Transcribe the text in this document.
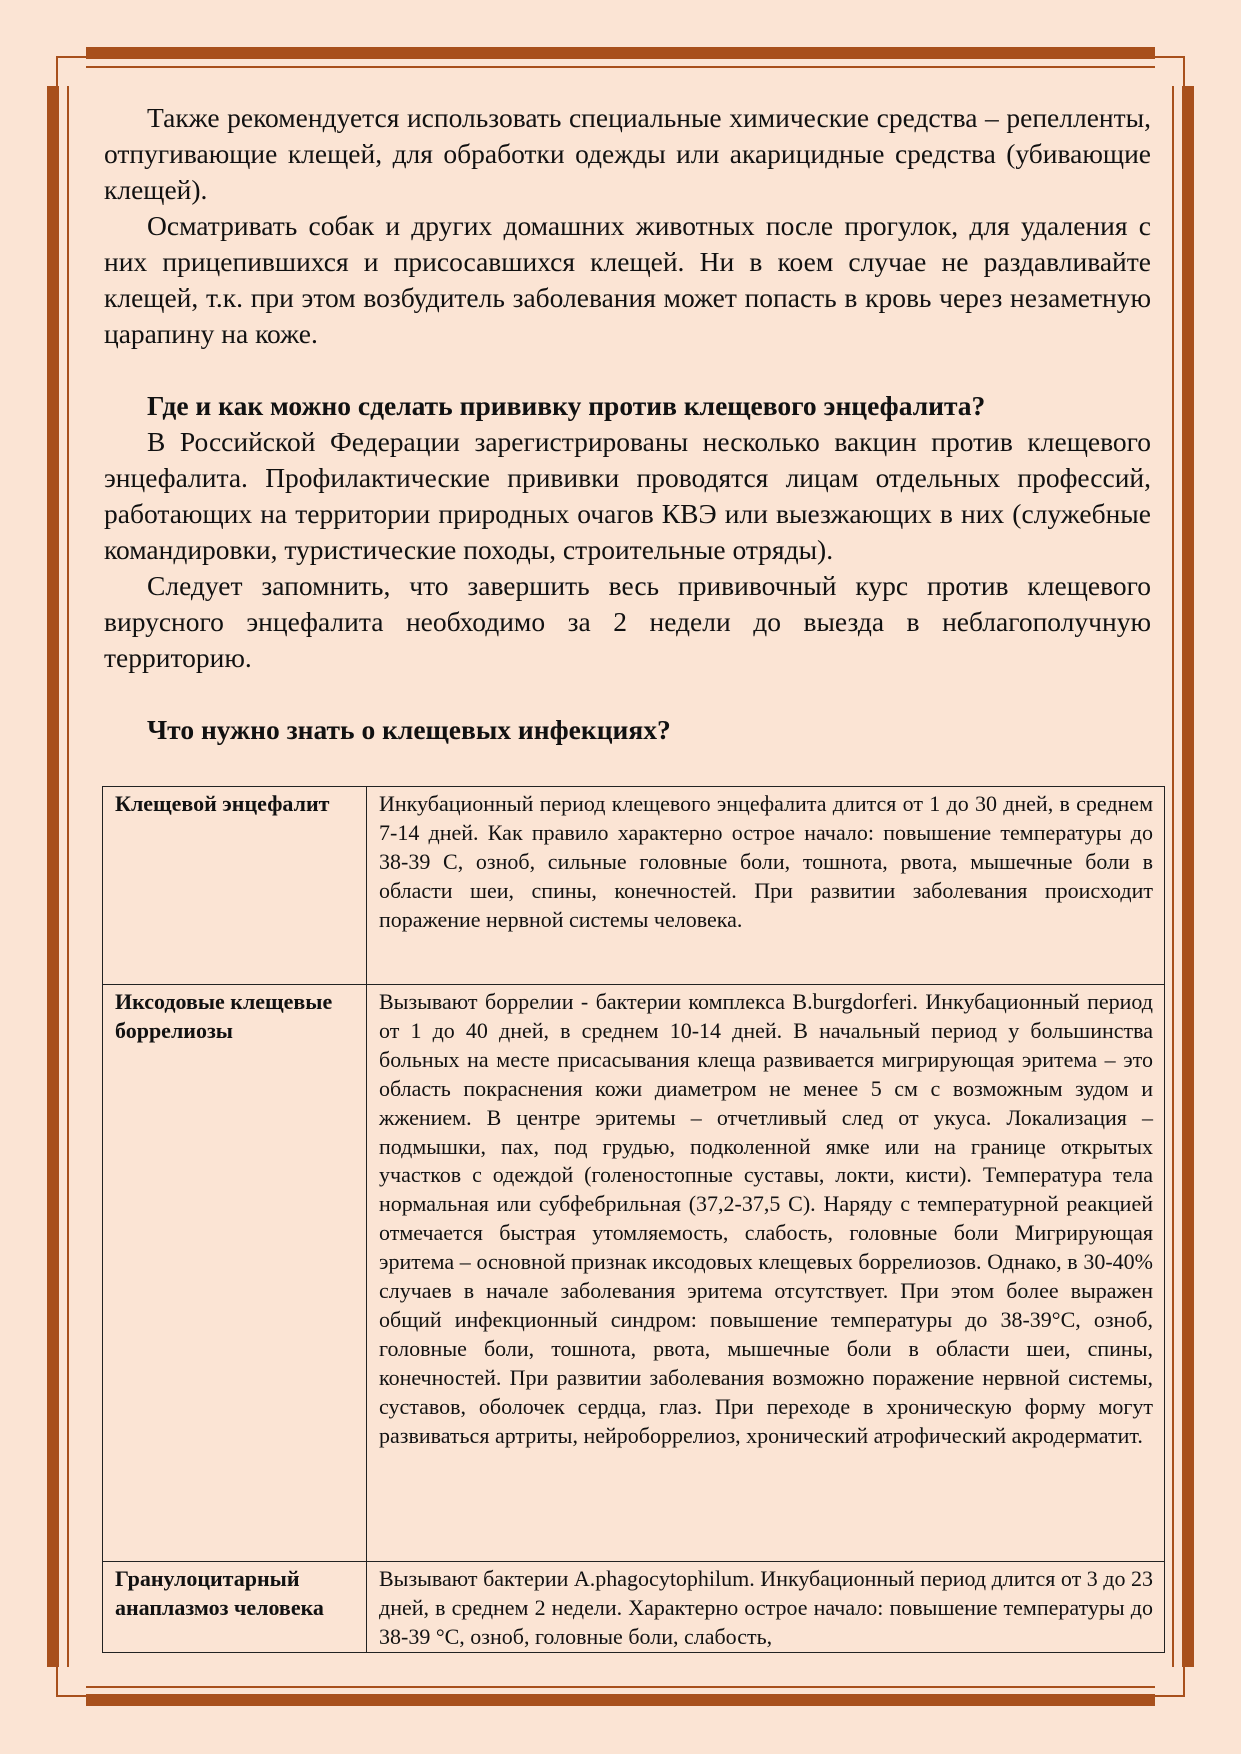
Также рекомендуется использовать специальные химические средства – репелленты, отпугивающие клещей, для обработки одежды или акарицидные средства (убивающие клещей).

Осматривать собак и других домашних животных после прогулок, для удаления с них прицепившихся и присосавшихся клещей. Ни в коем случае не раздавливайте клещей, т.к. при этом возбудитель заболевания может попасть в кровь через незаметную царапину на коже.

Где и как можно сделать прививку против клещевого энцефалита?

В Российской Федерации зарегистрированы несколько вакцин против клещевого энцефалита. Профилактические прививки проводятся лицам отдельных профессий, работающих на территории природных очагов КВЭ или выезжающих в них (служебные командировки, туристические походы, строительные отряды).

Следует запомнить, что завершить весь прививочный курс против клещевого вирусного энцефалита необходимо за 2 недели до выезда в неблагополучную территорию.

Что нужно знать о клещевых инфекциях?

Клещевой энцефалит	Инкубационный период клещевого энцефалита длится от 1 до 30 дней, в среднем 7-14 дней. Как правило характерно острое начало: повышение температуры до 38-39 С, озноб, сильные головные боли, тошнота, рвота, мышечные боли в области шеи, спины, конечностей. При развитии заболевания происходит поражение нервной системы человека.
Иксодовые клещевые боррелиозы	Вызывают боррелии - бактерии комплекса B.burgdorferi. Инкубационный период от 1 до 40 дней, в среднем 10-14 дней. В начальный период у большинства больных на месте присасывания клеща развивается мигрирующая эритема – это область покраснения кожи диаметром не менее 5 см с возможным зудом и жжением. В центре эритемы – отчетливый след от укуса. Локализация – подмышки, пах, под грудью, подколенной ямке или на границе открытых участков с одеждой (голеностопные суставы, локти, кисти). Температура тела нормальная или субфебрильная (37,2-37,5 С). Наряду с температурной реакцией отмечается быстрая утомляемость, слабость, головные боли Мигрирующая эритема – основной признак иксодовых клещевых боррелиозов. Однако, в 30-40% случаев в начале заболевания эритема отсутствует. При этом более выражен общий инфекционный синдром: повышение температуры до 38-39°С, озноб, головные боли, тошнота, рвота, мышечные боли в области шеи, спины, конечностей. При развитии заболевания возможно поражение нервной системы, суставов, оболочек сердца, глаз. При переходе в хроническую форму могут развиваться артриты, нейроборрелиоз, хронический атрофический акродерматит.
Гранулоцитарный анаплазмоз человека	Вызывают бактерии A.phagocytophilum. Инкубационный период длится от 3 до 23 дней, в среднем 2 недели. Характерно острое начало: повышение температуры до 38-39 °С, озноб, головные боли, слабость,
